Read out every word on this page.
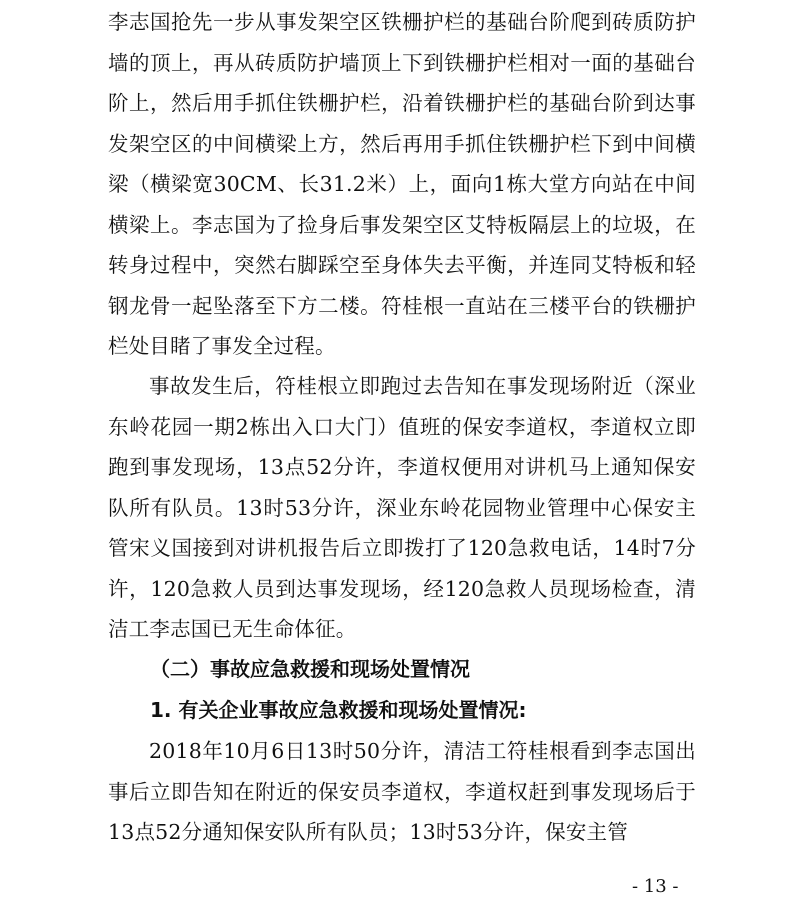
李志国抢先一步从事发架空区铁栅护栏的基础台阶爬到砖质防护墙的顶上，再从砖质防护墙顶上下到铁栅护栏相对一面的基础台阶上，然后用手抓住铁栅护栏，沿着铁栅护栏的基础台阶到达事发架空区的中间横梁上方，然后再用手抓住铁栅护栏下到中间横梁（横梁宽30CM、长31.2米）上，面向1栋大堂方向站在中间横梁上。李志国为了捡身后事发架空区艾特板隔层上的垃圾，在转身过程中，突然右脚踩空至身体失去平衡，并连同艾特板和轻钢龙骨一起坠落至下方二楼。符桂根一直站在三楼平台的铁栅护栏处目睹了事发全过程。

事故发生后，符桂根立即跑过去告知在事发现场附近（深业东岭花园一期2栋出入口大门）值班的保安李道权，李道权立即跑到事发现场，13点52分许，李道权便用对讲机马上通知保安队所有队员。13时53分许，深业东岭花园物业管理中心保安主管宋义国接到对讲机报告后立即拨打了120急救电话，14时7分许，120急救人员到达事发现场，经120急救人员现场检查，清洁工李志国已无生命体征。

（二）事故应急救援和现场处置情况

1. 有关企业事故应急救援和现场处置情况:

2018年10月6日13时50分许，清洁工符桂根看到李志国出事后立即告知在附近的保安员李道权，李道权赶到事发现场后于13点52分通知保安队所有队员；13时53分许，保安主管

- 13 -
